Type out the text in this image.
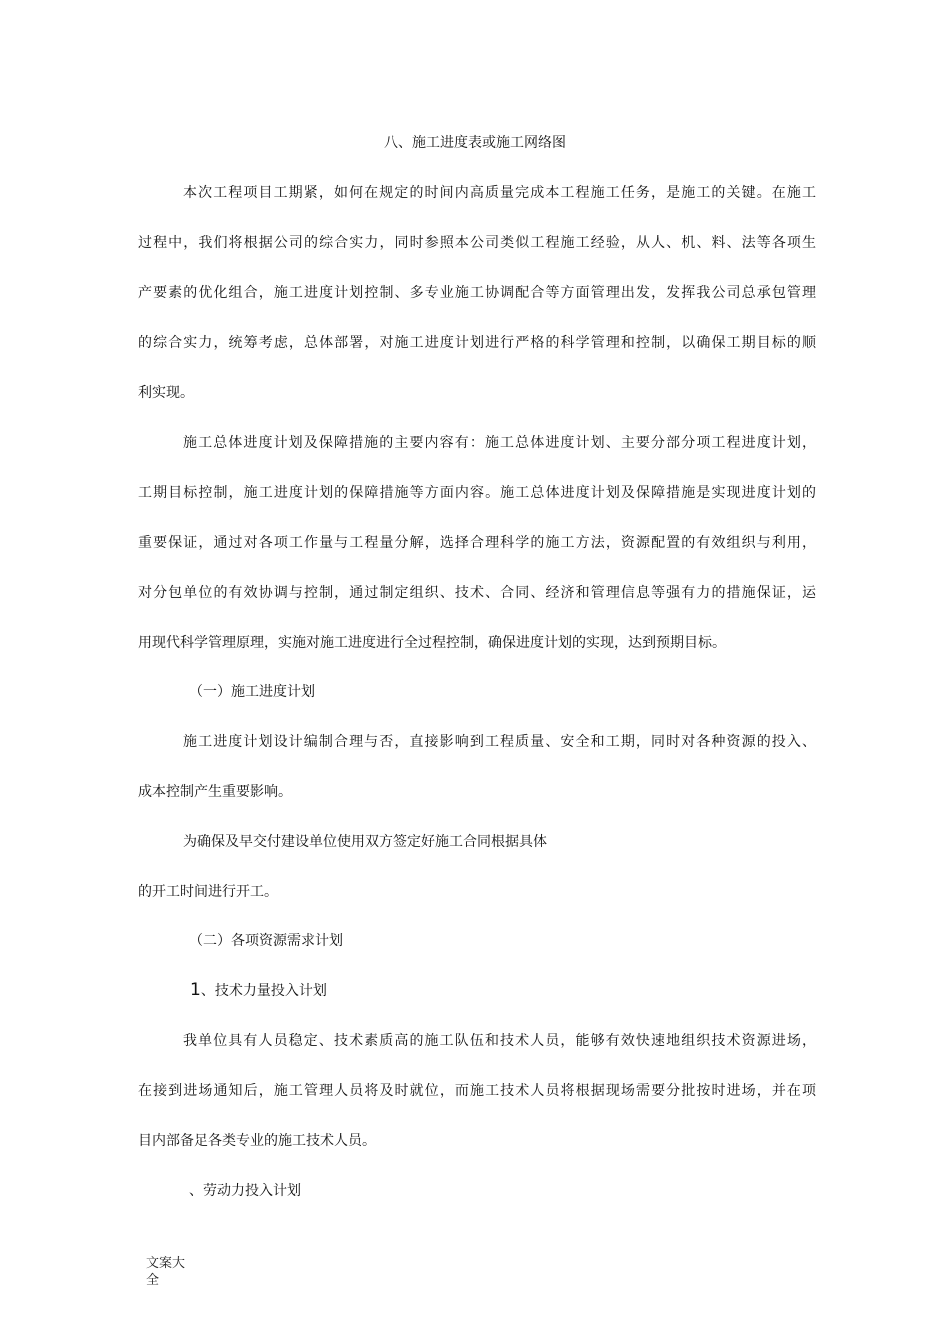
八、施工进度表或施工网络图
本次工程项目工期紧，如何在规定的时间内高质量完成本工程施工任务，是施工的关键。在施工
过程中，我们将根据公司的综合实力，同时参照本公司类似工程施工经验，从人、机、料、法等各项生
产要素的优化组合，施工进度计划控制、多专业施工协调配合等方面管理出发，发挥我公司总承包管理
的综合实力，统筹考虑，总体部署，对施工进度计划进行严格的科学管理和控制，以确保工期目标的顺
利实现。
施工总体进度计划及保障措施的主要内容有：施工总体进度计划、主要分部分项工程进度计划，
工期目标控制，施工进度计划的保障措施等方面内容。施工总体进度计划及保障措施是实现进度计划的
重要保证，通过对各项工作量与工程量分解，选择合理科学的施工方法，资源配置的有效组织与利用，
对分包单位的有效协调与控制，通过制定组织、技术、合同、经济和管理信息等强有力的措施保证，运
用现代科学管理原理，实施对施工进度进行全过程控制，确保进度计划的实现，达到预期目标。
（一）施工进度计划
施工进度计划设计编制合理与否，直接影响到工程质量、安全和工期，同时对各种资源的投入、
成本控制产生重要影响。
为确保及早交付建设单位使用双方签定好施工合同根据具体
的开工时间进行开工。
（二）各项资源需求计划
1、技术力量投入计划
我单位具有人员稳定、技术素质高的施工队伍和技术人员，能够有效快速地组织技术资源进场，
在接到进场通知后，施工管理人员将及时就位，而施工技术人员将根据现场需要分批按时进场，并在项
目内部备足各类专业的施工技术人员。
、劳动力投入计划
文案大全
